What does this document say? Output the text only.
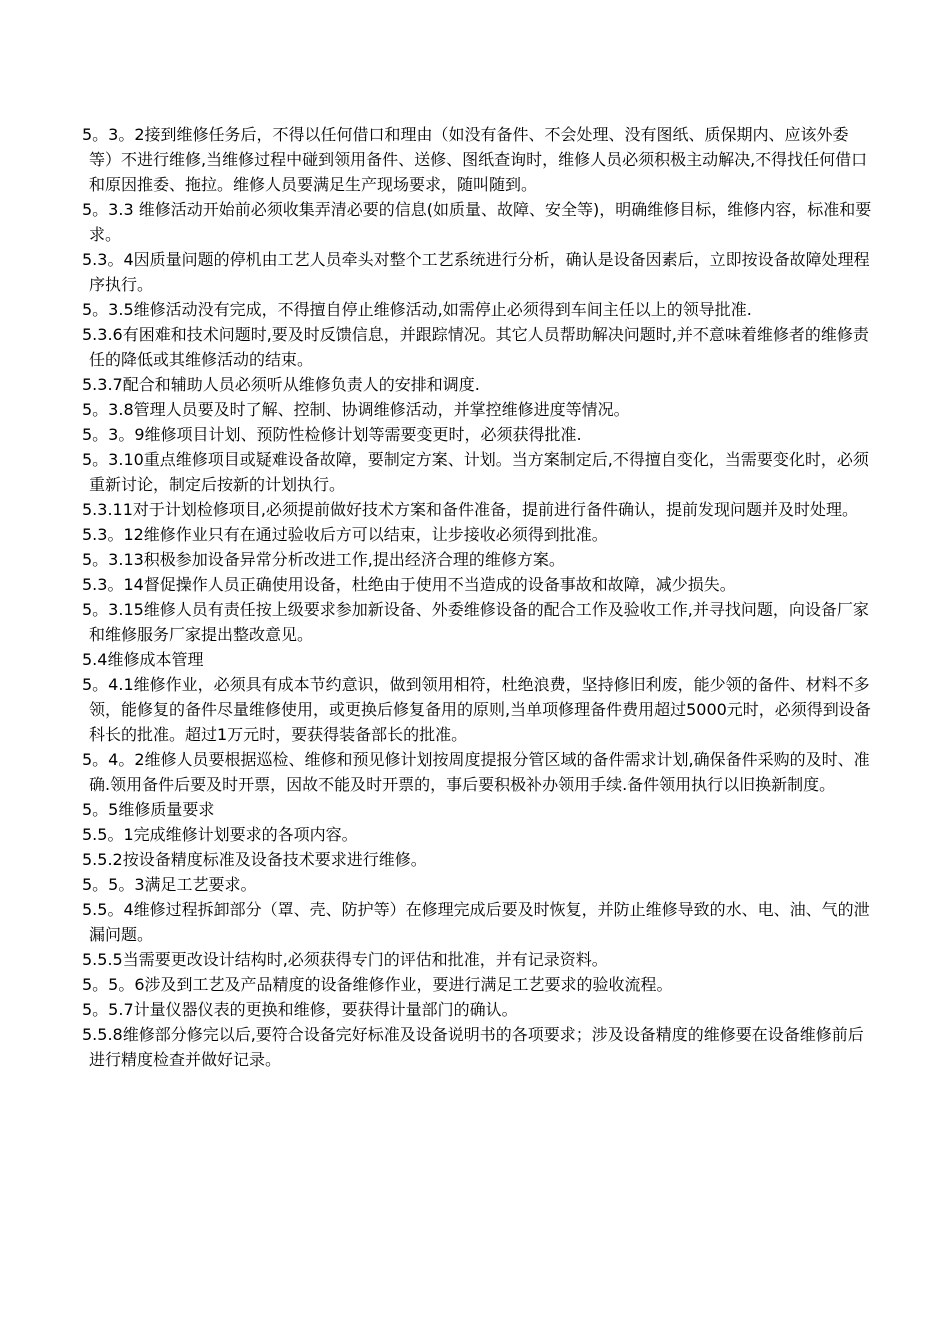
5。3。2接到维修任务后，不得以任何借口和理由（如没有备件、不会处理、没有图纸、质保期内、应该外委等）不进行维修,当维修过程中碰到领用备件、送修、图纸查询时，维修人员必须积极主动解决,不得找任何借口和原因推委、拖拉。维修人员要满足生产现场要求，随叫随到。
5。3.3 维修活动开始前必须收集弄清必要的信息(如质量、故障、安全等)，明确维修目标，维修内容，标准和要求。
5.3。4因质量问题的停机由工艺人员牵头对整个工艺系统进行分析，确认是设备因素后，立即按设备故障处理程序执行。
5。3.5维修活动没有完成，不得擅自停止维修活动,如需停止必须得到车间主任以上的领导批准.
5.3.6有困难和技术问题时,要及时反馈信息，并跟踪情况。其它人员帮助解决问题时,并不意味着维修者的维修责任的降低或其维修活动的结束。
5.3.7配合和辅助人员必须听从维修负责人的安排和调度.
5。3.8管理人员要及时了解、控制、协调维修活动，并掌控维修进度等情况。
5。3。9维修项目计划、预防性检修计划等需要变更时，必须获得批准.
5。3.10重点维修项目或疑难设备故障，要制定方案、计划。当方案制定后,不得擅自变化，当需要变化时，必须重新讨论，制定后按新的计划执行。
5.3.11对于计划检修项目,必须提前做好技术方案和备件准备，提前进行备件确认，提前发现问题并及时处理。
5.3。12维修作业只有在通过验收后方可以结束，让步接收必须得到批准。
5。3.13积极参加设备异常分析改进工作,提出经济合理的维修方案。
5.3。14督促操作人员正确使用设备，杜绝由于使用不当造成的设备事故和故障，减少损失。
5。3.15维修人员有责任按上级要求参加新设备、外委维修设备的配合工作及验收工作,并寻找问题，向设备厂家和维修服务厂家提出整改意见。
5.4维修成本管理
5。4.1维修作业，必须具有成本节约意识，做到领用相符，杜绝浪费，坚持修旧利废，能少领的备件、材料不多领，能修复的备件尽量维修使用，或更换后修复备用的原则,当单项修理备件费用超过5000元时，必须得到设备科长的批准。超过1万元时，要获得装备部长的批准。
5。4。2维修人员要根据巡检、维修和预见修计划按周度提报分管区域的备件需求计划,确保备件采购的及时、准确.领用备件后要及时开票，因故不能及时开票的，事后要积极补办领用手续.备件领用执行以旧换新制度。
5。5维修质量要求
5.5。1完成维修计划要求的各项内容。
5.5.2按设备精度标准及设备技术要求进行维修。
5。5。3满足工艺要求。
5.5。4维修过程拆卸部分（罩、壳、防护等）在修理完成后要及时恢复，并防止维修导致的水、电、油、气的泄漏问题。
5.5.5当需要更改设计结构时,必须获得专门的评估和批准，并有记录资料。
5。5。6涉及到工艺及产品精度的设备维修作业，要进行满足工艺要求的验收流程。
5。5.7计量仪器仪表的更换和维修，要获得计量部门的确认。
5.5.8维修部分修完以后,要符合设备完好标准及设备说明书的各项要求；涉及设备精度的维修要在设备维修前后进行精度检查并做好记录。
